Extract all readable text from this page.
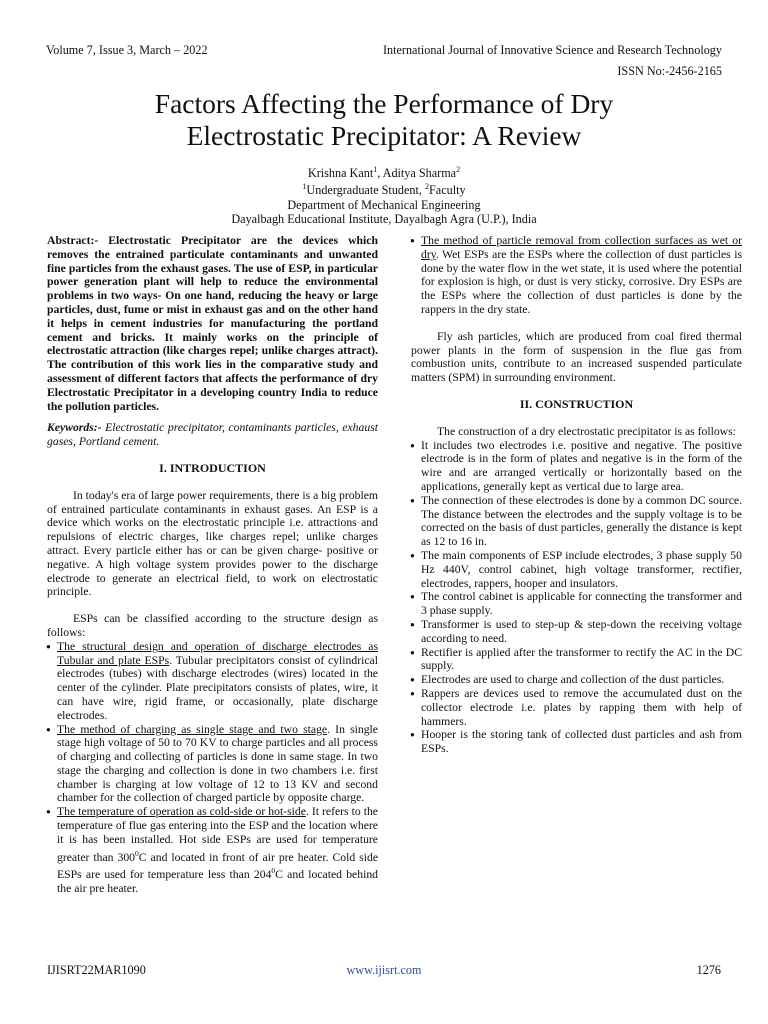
Volume 7, Issue 3, March – 2022	International Journal of Innovative Science and Research Technology
ISSN No:-2456-2165
Factors Affecting the Performance of Dry
Electrostatic Precipitator: A Review
Krishna Kant$^1$, Aditya Sharma$^2$
$^1$Undergraduate Student, $^2$Faculty
Department of Mechanical Engineering
Dayalbagh Educational Institute, Dayalbagh Agra (U.P.), India

Abstract:- Electrostatic Precipitator are the devices which removes the entrained particulate contaminants and unwanted fine particles from the exhaust gases. The use of ESP, in particular power generation plant will help to reduce the environmental problems in two ways- On one hand, reducing the heavy or large particles, dust, fume or mist in exhaust gas and on the other hand it helps in cement industries for manufacturing the portland cement and bricks. It mainly works on the principle of electrostatic attraction (like charges repel; unlike charges attract). The contribution of this work lies in the comparative study and assessment of different factors that affects the performance of dry Electrostatic Precipitator in a developing country India to reduce the pollution particles.

Keywords:- Electrostatic precipitator, contaminants particles, exhaust gases, Portland cement.

I. INTRODUCTION

In today's era of large power requirements, there is a big problem of entrained particulate contaminants in exhaust gases. An ESP is a device which works on the electrostatic principle i.e. attractions and repulsions of electric charges, like charges repel; unlike charges attract. Every particle either has or can be given charge- positive or negative. A high voltage system provides power to the discharge electrode to generate an electrical field, to work on electrostatic principle.

ESPs can be classified according to the structure design as follows:

● The structural design and operation of discharge electrodes as Tubular and plate ESPs. Tubular precipitators consist of cylindrical electrodes (tubes) with discharge electrodes (wires) located in the center of the cylinder. Plate precipitators consists of plates, wire, it can have wire, rigid frame, or occasionally, plate discharge electrodes.
● The method of charging as single stage and two stage. In single stage high voltage of 50 to 70 KV to charge particles and all process of charging and collecting of particles is done in same stage. In two stage the charging and collection is done in two chambers i.e. first chamber is charging at low voltage of 12 to 13 KV and second chamber for the collection of charged particle by opposite charge.
● The temperature of operation as cold-side or hot-side. It refers to the temperature of flue gas entering into the ESP and the location where it is has been installed. Hot side ESPs are used for temperature greater than $300^0C$ and located in front of air pre heater. Cold side ESPs are used for temperature less than $204^0C$ and located behind the air pre heater.
● The method of particle removal from collection surfaces as wet or dry. Wet ESPs are the ESPs where the collection of dust particles is done by the water flow in the wet state, it is used where the potential for explosion is high, or dust is very sticky, corrosive. Dry ESPs are the ESPs where the collection of dust particles is done by the rappers in the dry state.

Fly ash particles, which are produced from coal fired thermal power plants in the form of suspension in the flue gas from combustion units, contribute to an increased suspended particulate matters (SPM) in surrounding environment.

II. CONSTRUCTION

The construction of a dry electrostatic precipitator is as follows:

● It includes two electrodes i.e. positive and negative. The positive electrode is in the form of plates and negative is in the form of the wire and are arranged vertically or horizontally based on the applications, generally kept as vertical due to large area.
● The connection of these electrodes is done by a common DC source. The distance between the electrodes and the supply voltage is to be corrected on the basis of dust particles, generally the distance is kept as 12 to 16 in.
● The main components of ESP include electrodes, 3 phase supply 50 Hz 440V, control cabinet, high voltage transformer, rectifier, electrodes, rappers, hooper and insulators.
● The control cabinet is applicable for connecting the transformer and 3 phase supply.
● Transformer is used to step-up & step-down the receiving voltage according to need.
● Rectifier is applied after the transformer to rectify the AC in the DC supply.
● Electrodes are used to charge and collection of the dust particles.
● Rappers are devices used to remove the accumulated dust on the collector electrode i.e. plates by rapping them with help of hammers.
● Hooper is the storing tank of collected dust particles and ash from ESPs.
IJISRT22MAR1090	www.ijisrt.com	1276
